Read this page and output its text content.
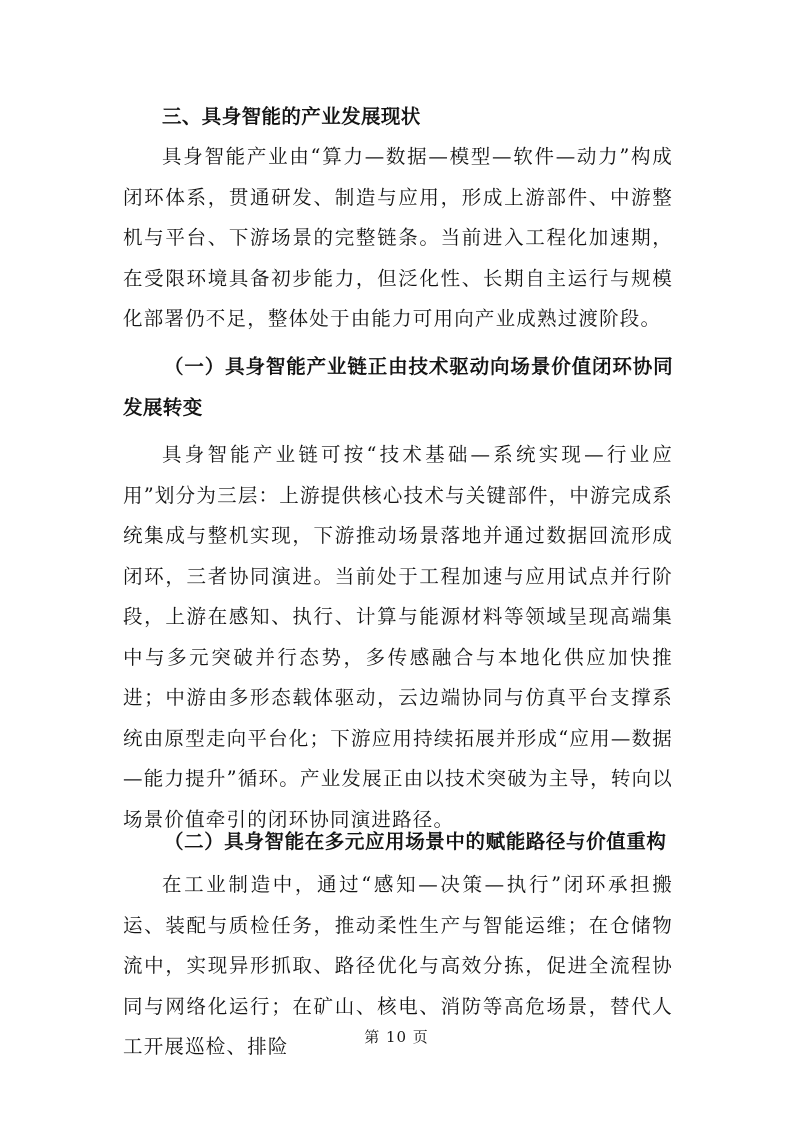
三、具身智能的产业发展现状

具身智能产业由“算力—数据—模型—软件—动力”构成闭环体系，贯通研发、制造与应用，形成上游部件、中游整机与平台、下游场景的完整链条。当前进入工程化加速期，在受限环境具备初步能力，但泛化性、长期自主运行与规模化部署仍不足，整体处于由能力可用向产业成熟过渡阶段。

（一）具身智能产业链正由技术驱动向场景价值闭环协同发展转变

具身智能产业链可按“技术基础—系统实现—行业应用”划分为三层：上游提供核心技术与关键部件，中游完成系统集成与整机实现，下游推动场景落地并通过数据回流形成闭环，三者协同演进。当前处于工程加速与应用试点并行阶段，上游在感知、执行、计算与能源材料等领域呈现高端集中与多元突破并行态势，多传感融合与本地化供应加快推进；中游由多形态载体驱动，云边端协同与仿真平台支撑系统由原型走向平台化；下游应用持续拓展并形成“应用—数据—能力提升”循环。产业发展正由以技术突破为主导，转向以场景价值牵引的闭环协同演进路径。

（二）具身智能在多元应用场景中的赋能路径与价值重构

在工业制造中，通过“感知—决策—执行”闭环承担搬运、装配与质检任务，推动柔性生产与智能运维；在仓储物流中，实现异形抓取、路径优化与高效分拣，促进全流程协同与网络化运行；在矿山、核电、消防等高危场景，替代人工开展巡检、排险	第 10 页
